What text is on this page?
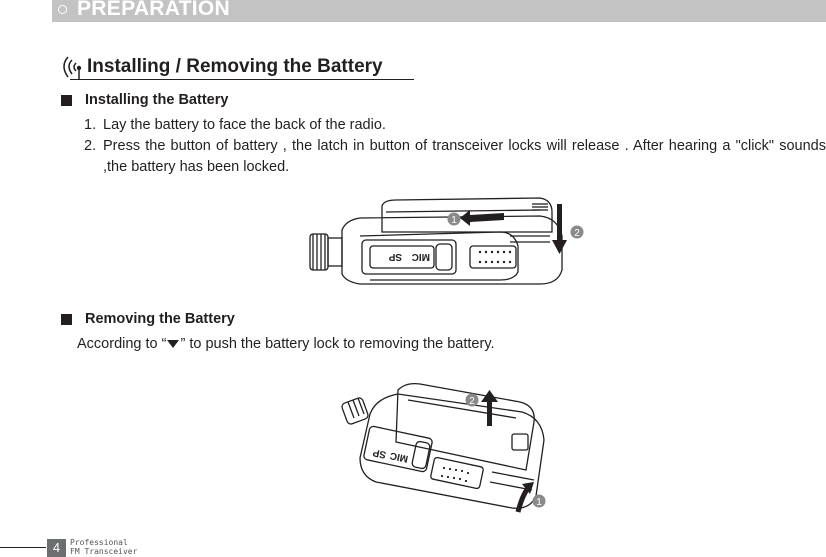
PREPARATION
Installing / Removing the Battery
Installing the Battery
1. Lay the battery to face the back of the radio.
2. Press the button of battery , the latch in button of transceiver locks will release . After hearing a "click" sounds ,the battery has been locked.
SP MIC
1
2
Removing the Battery
According to “ ” to push the battery lock to removing the battery.
SP MIC
2
1
4	Professional
FM Transceiver
